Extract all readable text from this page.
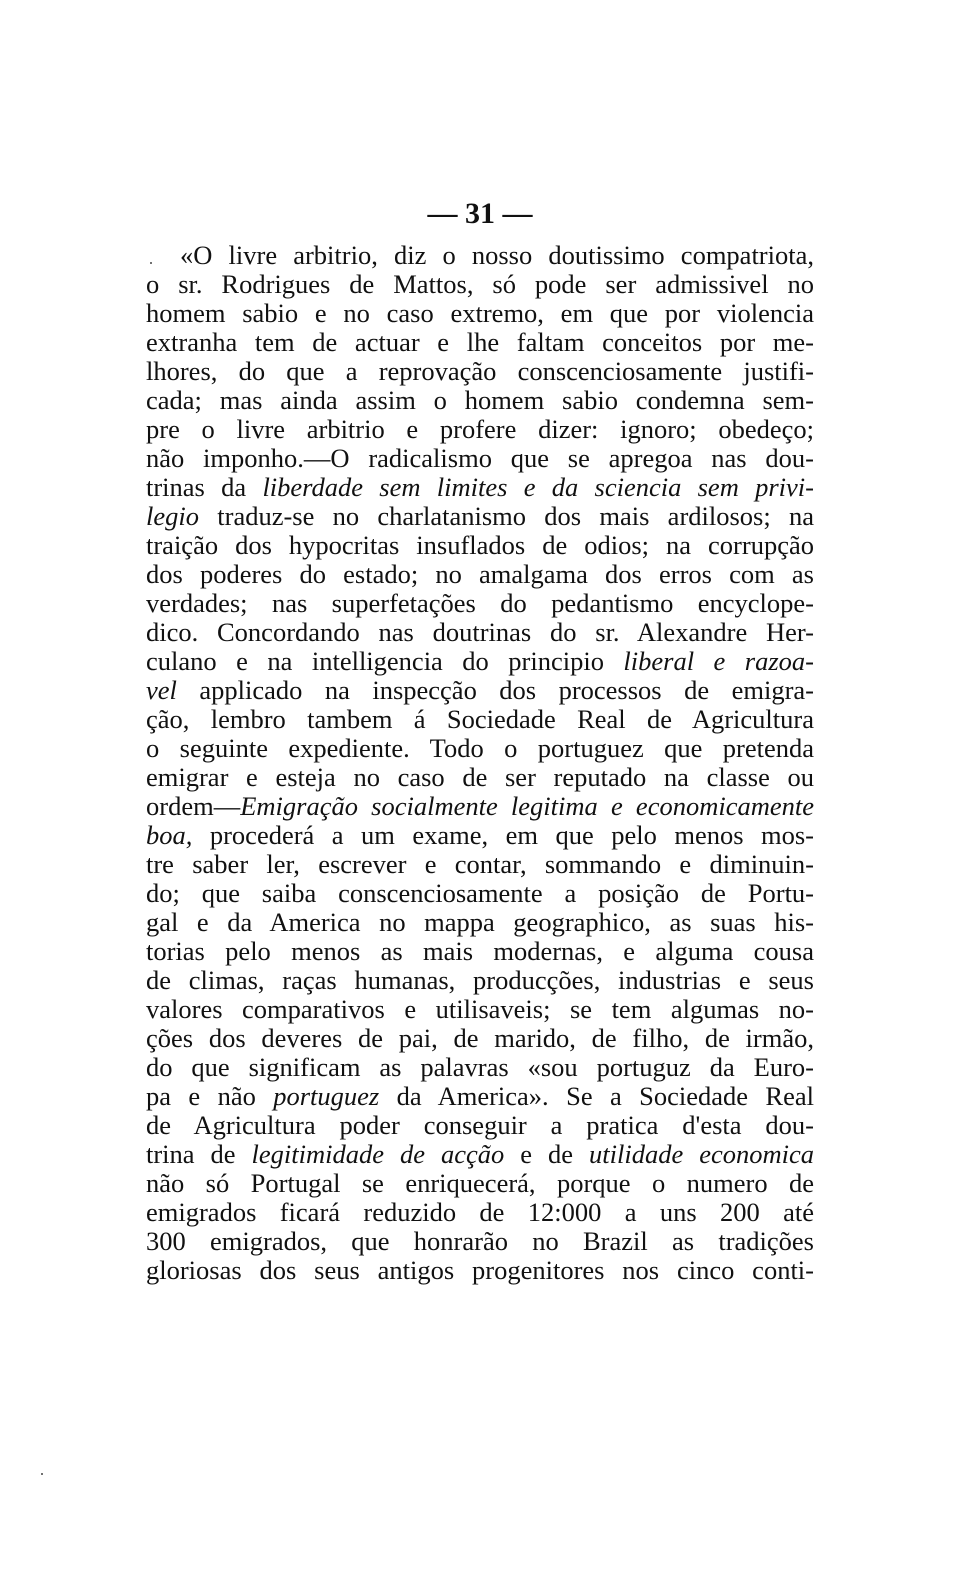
— 31 —
«O livre arbitrio, diz o nosso doutissimo compatriota,
o sr. Rodrigues de Mattos, só pode ser admissivel no
homem sabio e no caso extremo, em que por violencia
extranha tem de actuar e lhe faltam conceitos por me-
lhores, do que a reprovação conscenciosamente justifi-
cada; mas ainda assim o homem sabio condemna sem-
pre o livre arbitrio e profere dizer: ignoro; obedeço;
não imponho.—O radicalismo que se apregoa nas dou-
trinas da liberdade sem limites e da sciencia sem privi-
legio traduz-se no charlatanismo dos mais ardilosos; na
traição dos hypocritas insuflados de odios; na corrupção
dos poderes do estado; no amalgama dos erros com as
verdades; nas superfetações do pedantismo encyclope-
dico. Concordando nas doutrinas do sr. Alexandre Her-
culano e na intelligencia do principio liberal e razoa-
vel applicado na inspecção dos processos de emigra-
ção, lembro tambem á Sociedade Real de Agricultura
o seguinte expediente. Todo o portuguez que pretenda
emigrar e esteja no caso de ser reputado na classe ou
ordem—Emigração socialmente legitima e economicamente
boa, procederá a um exame, em que pelo menos mos-
tre saber ler, escrever e contar, sommando e diminuin-
do; que saiba conscenciosamente a posição de Portu-
gal e da America no mappa geographico, as suas his-
torias pelo menos as mais modernas, e alguma cousa
de climas, raças humanas, producções, industrias e seus
valores comparativos e utilisaveis; se tem algumas no-
ções dos deveres de pai, de marido, de filho, de irmão,
do que significam as palavras «sou portuguz da Euro-
pa e não portuguez da America». Se a Sociedade Real
de Agricultura poder conseguir a pratica d'esta dou-
trina de legitimidade de acção e de utilidade economica
não só Portugal se enriquecerá, porque o numero de
emigrados ficará reduzido de 12:000 a uns 200 até
300 emigrados, que honrarão no Brazil as tradições
gloriosas dos seus antigos progenitores nos cinco conti-
